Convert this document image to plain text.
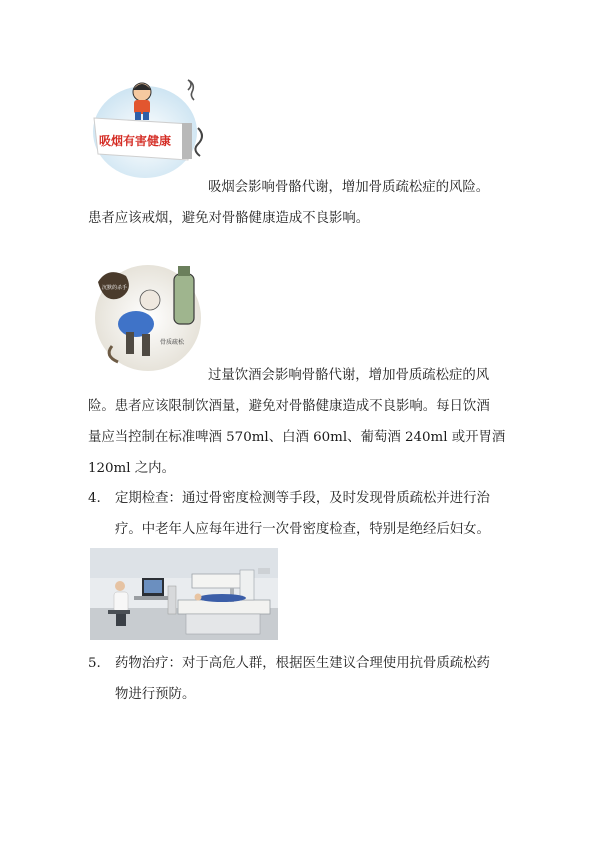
吸烟有害健康

吸烟会影响骨骼代谢，增加骨质疏松症的风险。
患者应该戒烟，避免对骨骼健康造成不良影响。

沉默的杀手
骨质疏松

过量饮酒会影响骨骼代谢，增加骨质疏松症的风
险。患者应该限制饮酒量，避免对骨骼健康造成不良影响。每日饮酒
量应当控制在标准啤酒 570ml、白酒 60ml、葡萄酒 240ml 或开胃酒
120ml 之内。

4. 定期检查：通过骨密度检测等手段，及时发现骨质疏松并进行治
疗。中老年人应每年进行一次骨密度检查，特别是绝经后妇女。

5. 药物治疗：对于高危人群，根据医生建议合理使用抗骨质疏松药
物进行预防。
